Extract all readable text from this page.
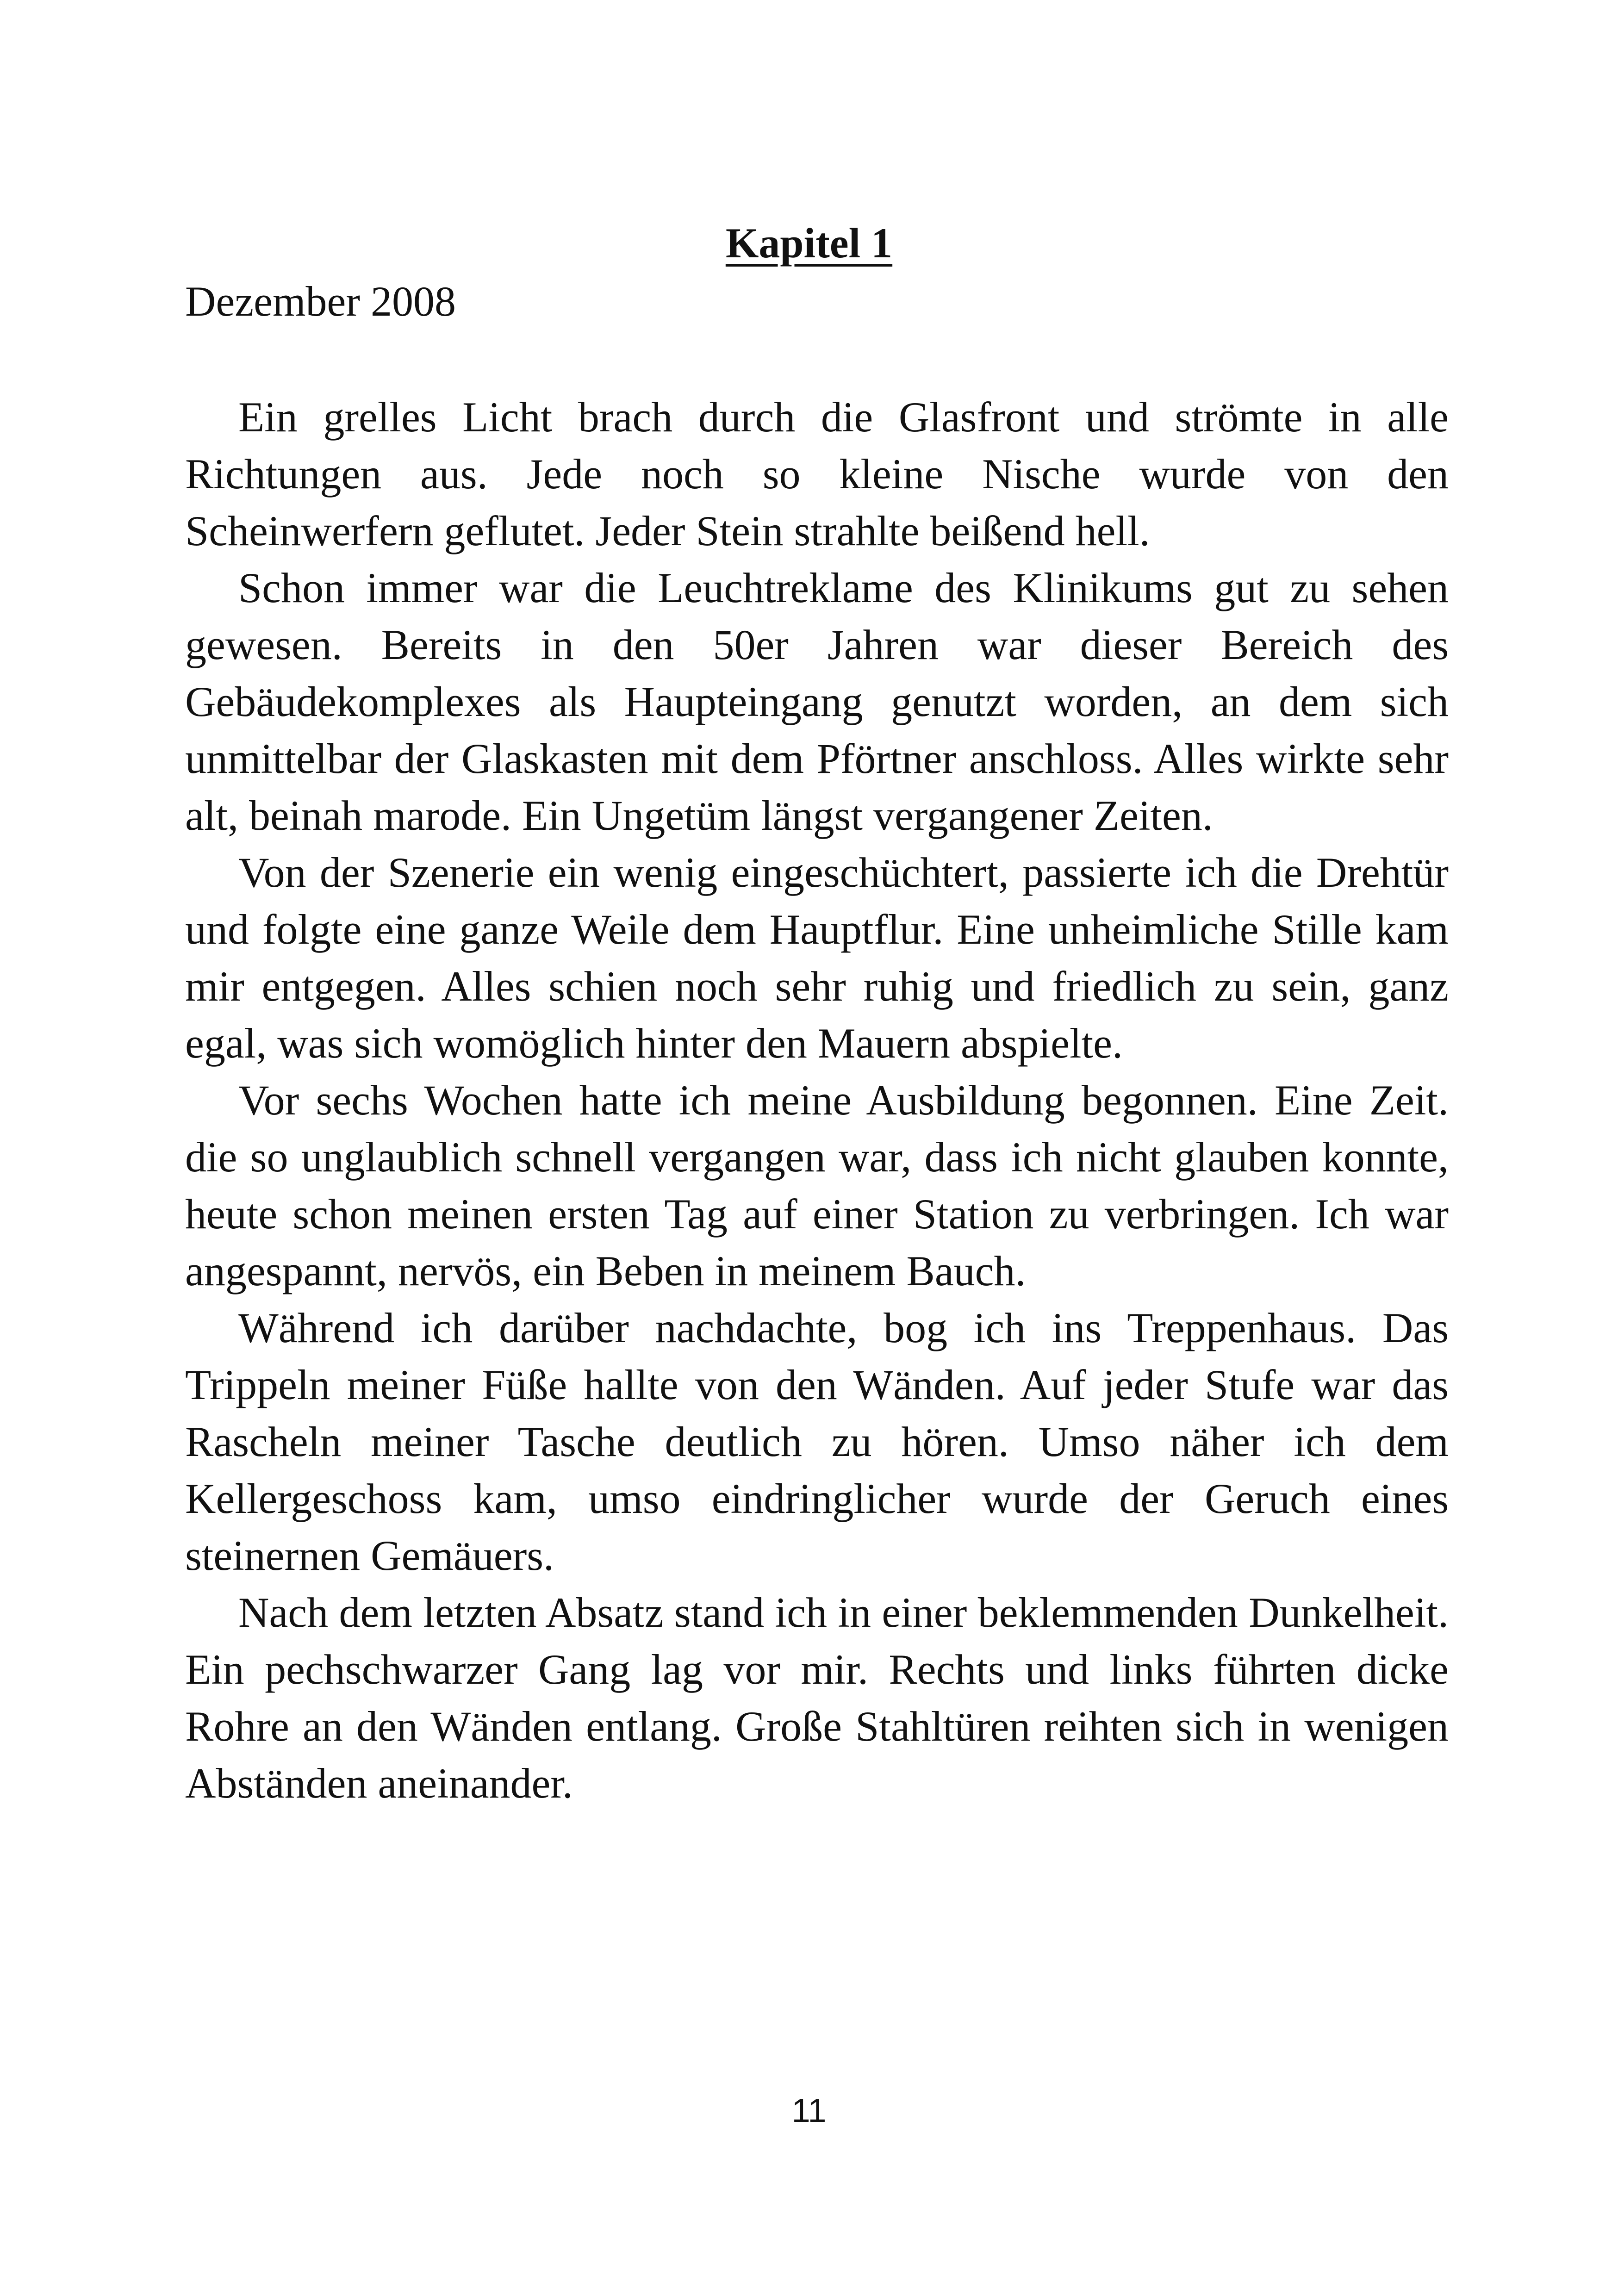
Kapitel 1

Dezember 2008

Ein grelles Licht brach durch die Glasfront und strömte in alle Richtungen aus. Jede noch so kleine Nische wurde von den Scheinwerfern geflutet. Jeder Stein strahlte beißend hell.

Schon immer war die Leuchtreklame des Klinikums gut zu sehen gewesen. Bereits in den 50er Jahren war dieser Bereich des Gebäudekomplexes als Haupteingang genutzt worden, an dem sich unmittelbar der Glaskasten mit dem Pförtner anschloss. Alles wirkte sehr alt, beinah marode. Ein Ungetüm längst vergangener Zeiten.

Von der Szenerie ein wenig eingeschüchtert, passierte ich die Drehtür und folgte eine ganze Weile dem Hauptflur. Eine unheimliche Stille kam mir entgegen. Alles schien noch sehr ruhig und friedlich zu sein, ganz egal, was sich womöglich hinter den Mauern abspielte.

Vor sechs Wochen hatte ich meine Ausbildung begonnen. Eine Zeit. die so unglaublich schnell vergangen war, dass ich nicht glauben konnte, heute schon meinen ersten Tag auf einer Station zu verbringen. Ich war angespannt, nervös, ein Beben in meinem Bauch.

Während ich darüber nachdachte, bog ich ins Treppenhaus. Das Trippeln meiner Füße hallte von den Wänden. Auf jeder Stufe war das Rascheln meiner Tasche deutlich zu hören. Umso näher ich dem Kellergeschoss kam, umso eindringlicher wurde der Geruch eines steinernen Gemäuers.

Nach dem letzten Absatz stand ich in einer beklemmenden Dunkelheit. Ein pechschwarzer Gang lag vor mir. Rechts und links führten dicke Rohre an den Wänden entlang. Große Stahltüren reihten sich in wenigen Abständen aneinander.

11
